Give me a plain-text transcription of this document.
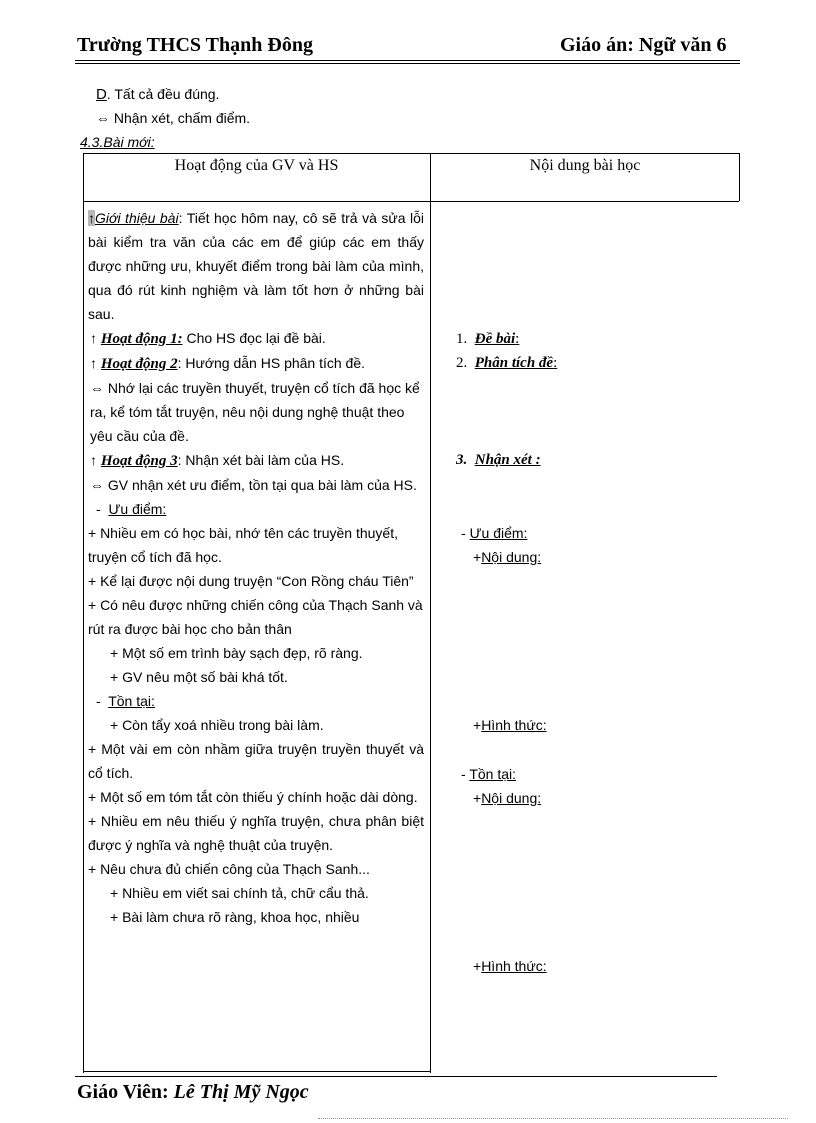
Trường THCS Thạnh Đông	Giáo án: Ngữ văn 6
D. Tất cả đều đúng.
⇔ Nhận xét, chấm điểm.
4.3.Bài mới:
Hoạt động của GV và HS	Nội dung bài học

↑Giới thiệu bài: Tiết học hôm nay, cô sẽ trả và sửa lỗi bài kiểm tra văn của các em để giúp các em thấy được những ưu, khuyết điểm trong bài làm của mình, qua đó rút kinh nghiệm và làm tốt hơn ở những bài sau.

↑ Hoạt động 1: Cho HS đọc lại đề bài.

↑ Hoạt động 2: Hướng dẫn HS phân tích đề.

⇔ Nhớ lại các truyền thuyết, truyện cổ tích đã học kể ra, kể tóm tắt truyện, nêu nội dung nghệ thuật theo yêu cầu của đề.

↑ Hoạt động 3: Nhận xét bài làm của HS.

⇔ GV nhận xét ưu điểm, tồn tại qua bài làm của HS.

-  Ưu điểm:

+ Nhiều em có học bài, nhớ tên các truyền thuyết, truyện cổ tích đã học.

+ Kể lại được nội dung truyện “Con Rồng cháu Tiên”

+ Có nêu được những chiến công của Thạch Sanh và rút ra được bài học cho bản thân

+ Một số em trình bày sạch đẹp, rõ ràng.

+ GV nêu một số bài khá tốt.

-  Tồn tại:

+ Còn tẩy xoá nhiều trong bài làm.

+ Một vài em còn nhầm giữa truyện truyền thuyết và cổ tích.

+ Một số em tóm tắt còn thiếu ý chính hoặc dài dòng.

+ Nhiều em nêu thiếu ý nghĩa truyện, chưa phân biệt được ý nghĩa và nghệ thuật của truyện.

+ Nêu chưa đủ chiến công của Thạch Sanh...

+ Nhiều em viết sai chính tả, chữ cẩu thả.

+ Bài làm chưa rõ ràng, khoa học, nhiều

1. Đề bài:
2. Phân tích đề:
3. Nhận xét :
- Ưu điểm:
+Nội dung:
+Hình thức:
- Tồn tại:
+Nội dung:
+Hình thức:
Giáo Viên: Lê Thị Mỹ Ngọc
